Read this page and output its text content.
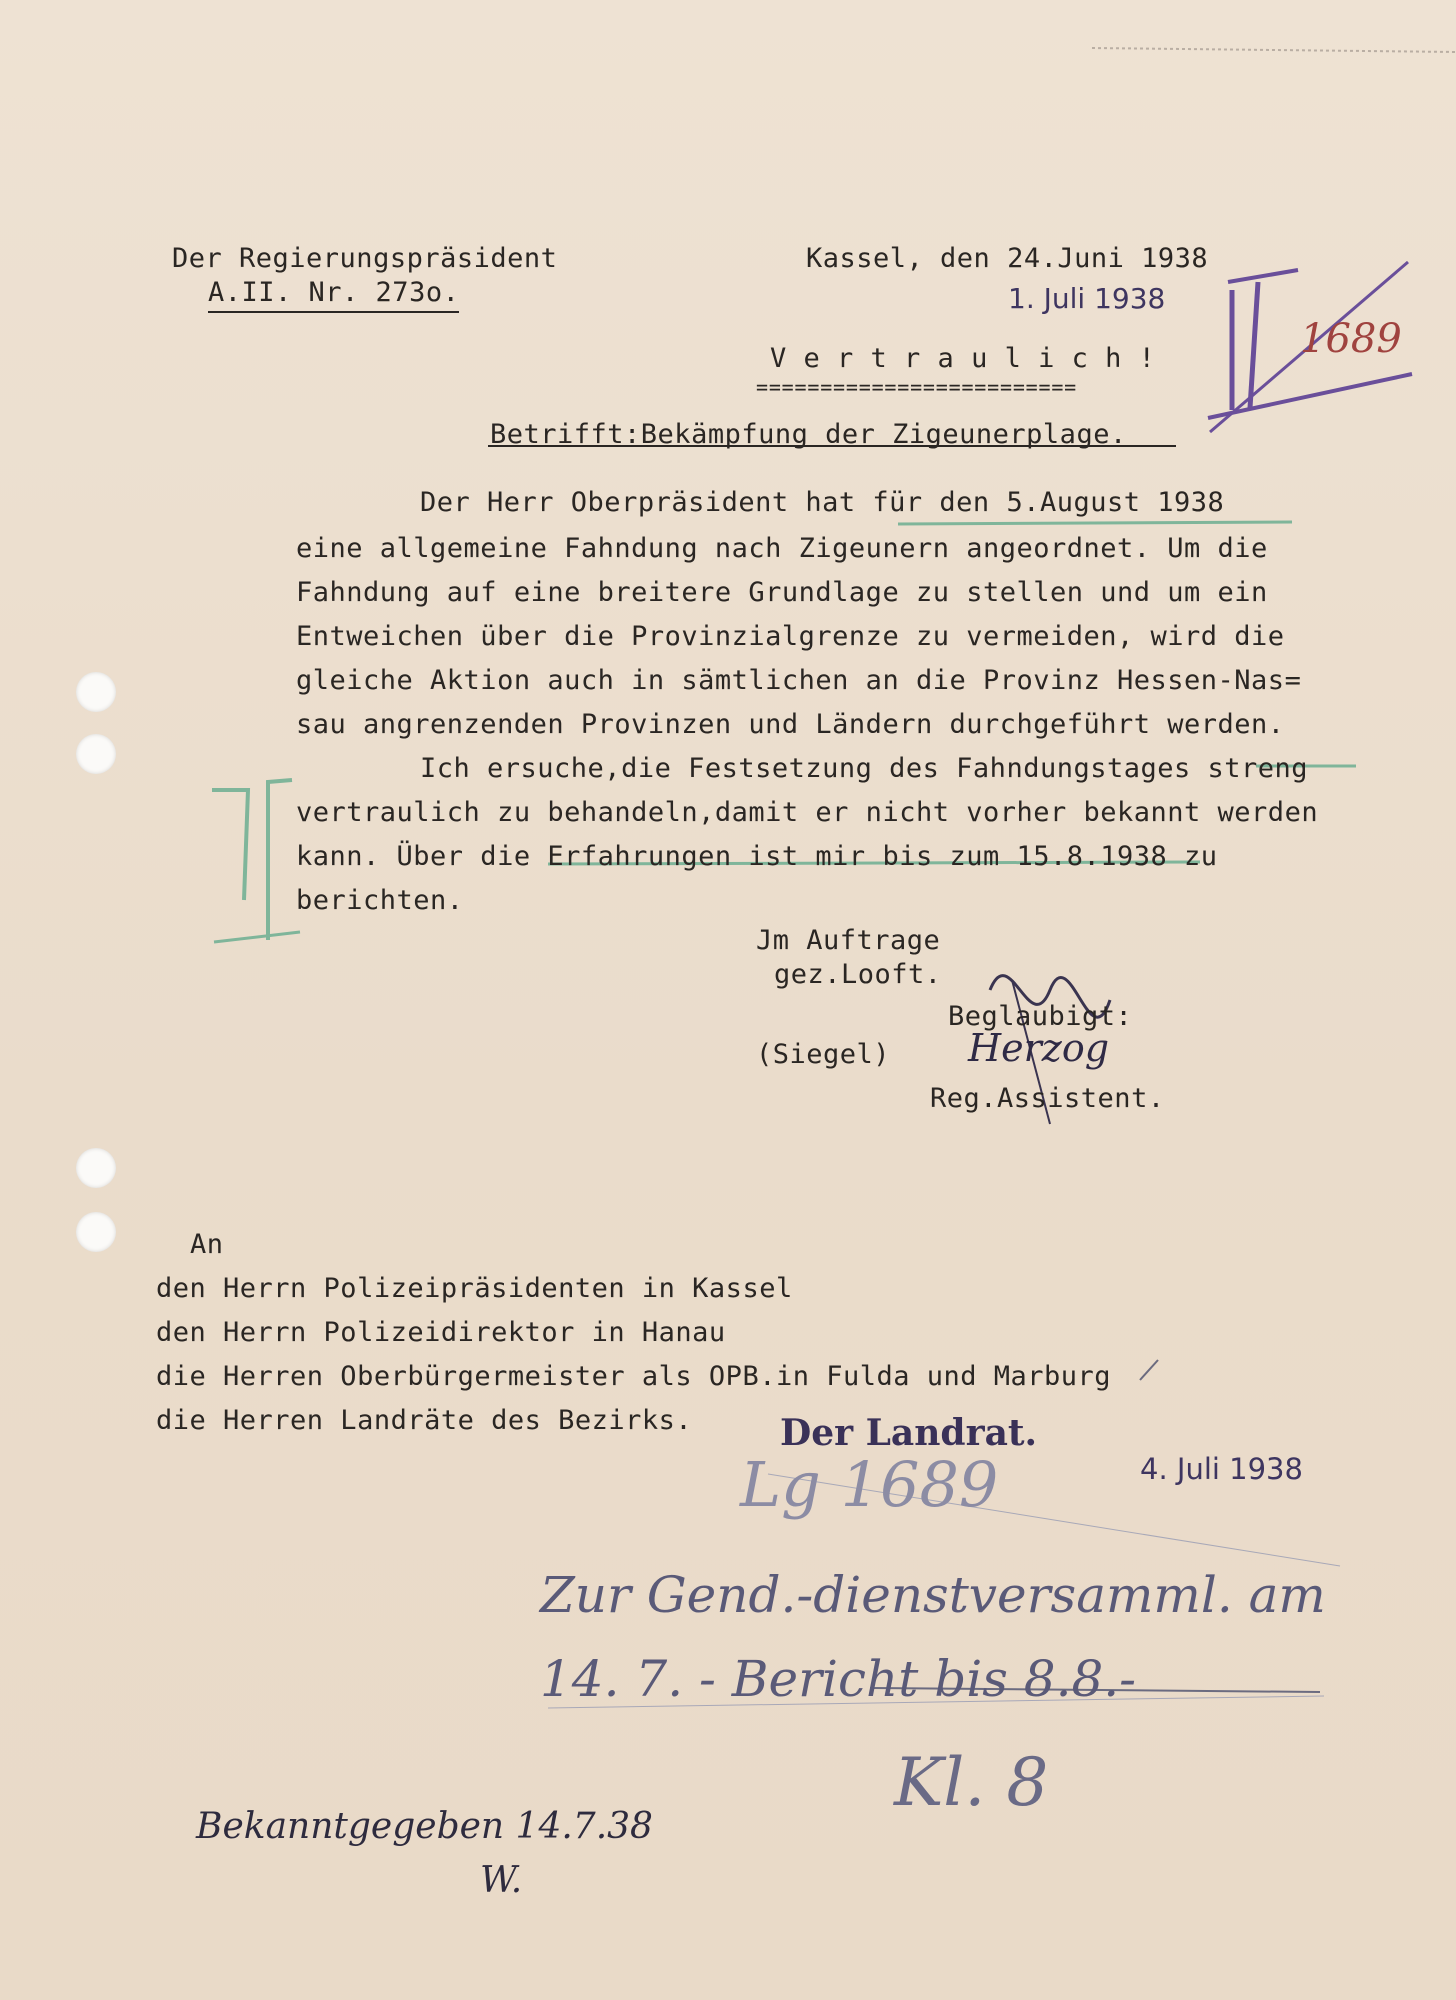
Der Regierungspräsident
A.II. Nr. 273o.
Kassel, den 24.Juni 1938
1. Juli 1938
1689
V e r t r a u l i c h !
=========================
Betrifft:Bekämpfung der Zigeunerplage.
Der Herr Oberpräsident hat für den 5.August 1938
eine allgemeine Fahndung nach Zigeunern angeordnet. Um die
Fahndung auf eine breitere Grundlage zu stellen und um ein
Entweichen über die Provinzialgrenze zu vermeiden, wird die
gleiche Aktion auch in sämtlichen an die Provinz Hessen-Nas=
sau angrenzenden Provinzen und Ländern durchgeführt werden.
Ich ersuche,die Festsetzung des Fahndungstages streng
vertraulich zu behandeln,damit er nicht vorher bekannt werden
kann. Über die Erfahrungen ist mir bis zum 15.8.1938 zu
berichten.
Jm Auftrage
gez.Looft.
Beglaubigt:
(Siegel) Herzog
Reg.Assistent.
An
den Herrn Polizeipräsidenten in Kassel
den Herrn Polizeidirektor in Hanau
die Herren Oberbürgermeister als OPB.in Fulda und Marburg
die Herren Landräte des Bezirks. Der Landrat.
4. Juli 1938
Lg 1689
Zur Gend.-dienstversamml. am
14. 7. - Bericht bis 8.8.-
Kl. 8
Bekanntgegeben 14.7.38
W.
